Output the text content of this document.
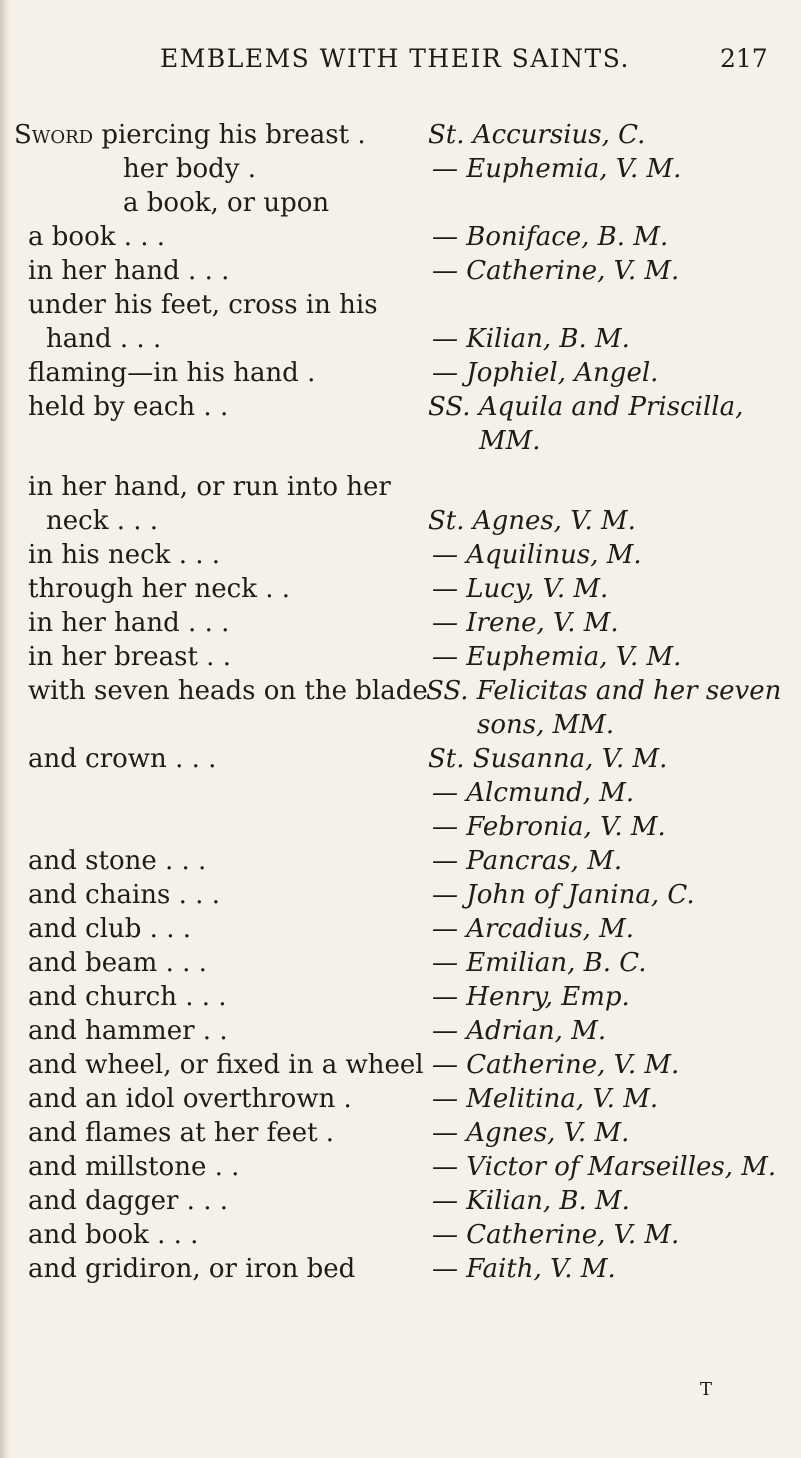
EMBLEMS WITH THEIR SAINTS.	217
Sword piercing his breast .
her body .
a book, or upon
a book . . .
in her hand . . .
under his feet, cross in his
hand . . .
flaming—in his hand .
held by each . .
in her hand, or run into her
neck . . .
in his neck . . .
through her neck . .
in her hand . . .
in her breast . .
with seven heads on the blade
and crown . . .
and stone . . .
and chains . . .
and club . . .
and beam . . .
and church . . .
and hammer . .
and wheel, or fixed in a wheel
and an idol overthrown .
and flames at her feet .
and millstone . .
and dagger . . .
and book . . .
and gridiron, or iron bed
St. Accursius, C.
— Euphemia, V. M.
— Boniface, B. M.
— Catherine, V. M.
— Kilian, B. M.
— Jophiel, Angel.
SS. Aquila and Priscilla,
MM.
St. Agnes, V. M.
— Aquilinus, M.
— Lucy, V. M.
— Irene, V. M.
— Euphemia, V. M.
SS. Felicitas and her seven
sons, MM.
St. Susanna, V. M.
— Alcmund, M.
— Febronia, V. M.
— Pancras, M.
— John of Janina, C.
— Arcadius, M.
— Emilian, B. C.
— Henry, Emp.
— Adrian, M.
— Catherine, V. M.
— Melitina, V. M.
— Agnes, V. M.
— Victor of Marseilles, M.
— Kilian, B. M.
— Catherine, V. M.
— Faith, V. M.
T
